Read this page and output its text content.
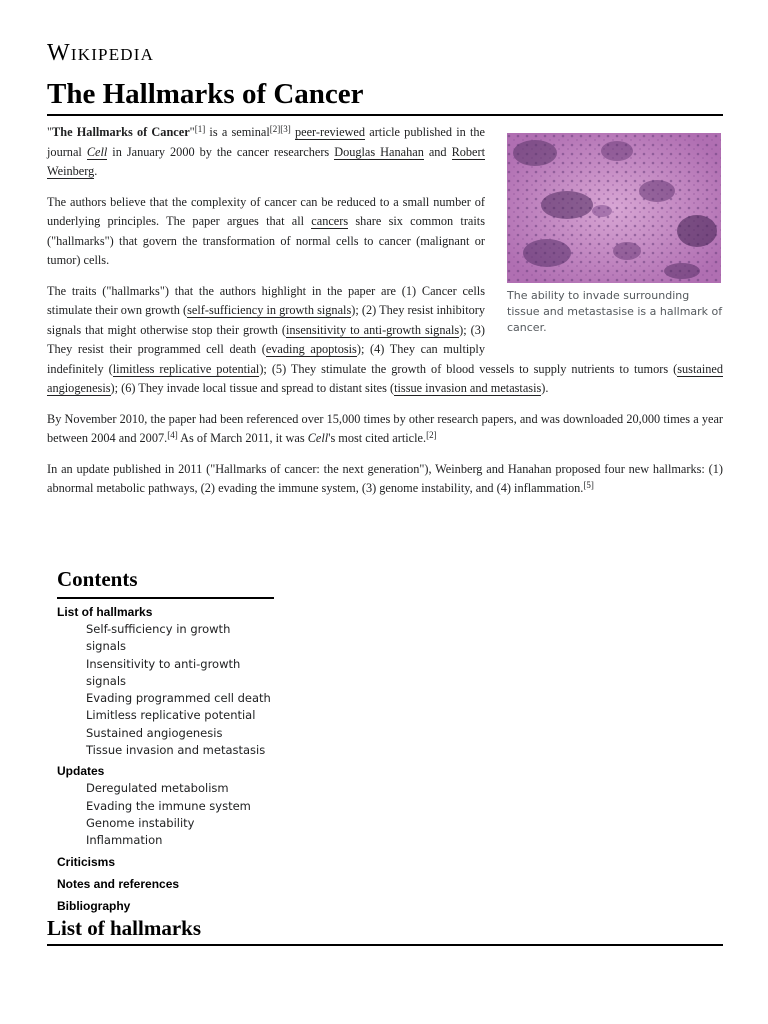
Wikipedia
The Hallmarks of Cancer
The ability to invade surrounding tissue and metastasise is a hallmark of cancer.

"The Hallmarks of Cancer"[1] is a seminal[2][3] peer-reviewed article published in the journal Cell in January 2000 by the cancer researchers Douglas Hanahan and Robert Weinberg.

The authors believe that the complexity of cancer can be reduced to a small number of underlying principles. The paper argues that all cancers share six common traits ("hallmarks") that govern the transformation of normal cells to cancer (malignant or tumor) cells.

The traits ("hallmarks") that the authors highlight in the paper are (1) Cancer cells stimulate their own growth (self-sufficiency in growth signals); (2) They resist inhibitory signals that might otherwise stop their growth (insensitivity to anti-growth signals); (3) They resist their programmed cell death (evading apoptosis); (4) They can multiply indefinitely (limitless replicative potential); (5) They stimulate the growth of blood vessels to supply nutrients to tumors (sustained angiogenesis); (6) They invade local tissue and spread to distant sites (tissue invasion and metastasis).

By November 2010, the paper had been referenced over 15,000 times by other research papers, and was downloaded 20,000 times a year between 2004 and 2007.[4] As of March 2011, it was Cell's most cited article.[2]

In an update published in 2011 ("Hallmarks of cancer: the next generation"), Weinberg and Hanahan proposed four new hallmarks: (1) abnormal metabolic pathways, (2) evading the immune system, (3) genome instability, and (4) inflammation.[5]

Contents
List of hallmarks
Self-sufficiency in growth signals
Insensitivity to anti-growth signals
Evading programmed cell death
Limitless replicative potential
Sustained angiogenesis
Tissue invasion and metastasis
Updates
Deregulated metabolism
Evading the immune system
Genome instability
Inflammation
Criticisms
Notes and references
Bibliography
List of hallmarks
